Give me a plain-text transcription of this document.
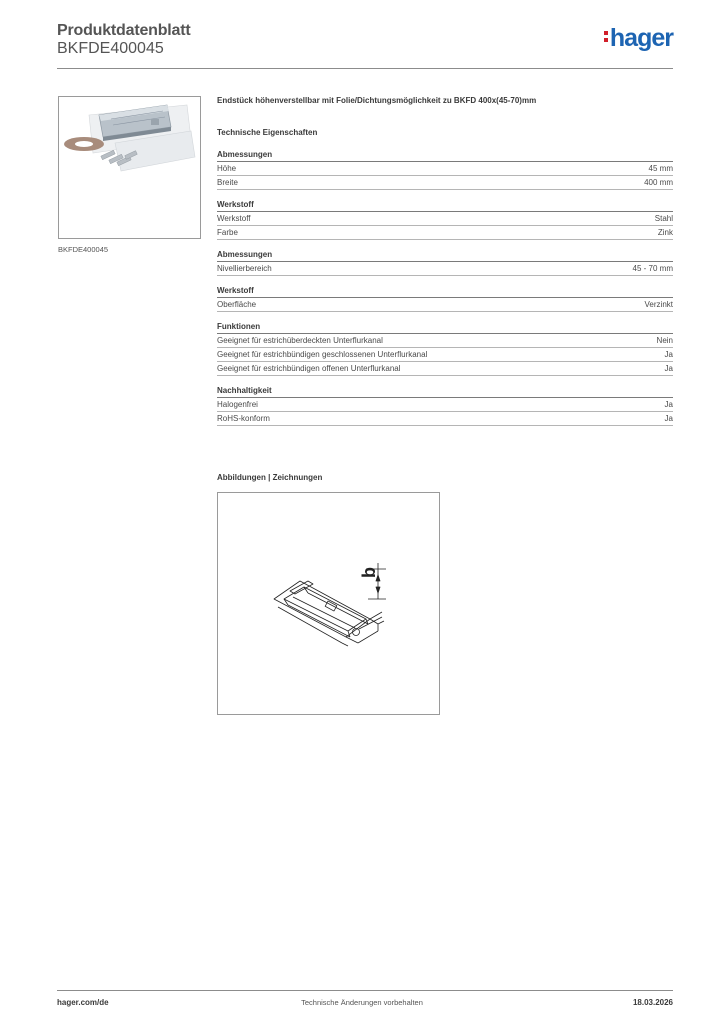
Produktdatenblatt
BKFDE400045	hager
BKFDE400045
Endstück höhenverstellbar mit Folie/Dichtungsmöglichkeit zu BKFD 400x(45-70)mm
Technische Eigenschaften
Abmessungen
Höhe	45 mm
Breite	400 mm
Werkstoff
Werkstoff	Stahl
Farbe	Zink
Abmessungen
Nivellierbereich	45 - 70 mm
Werkstoff
Oberfläche	Verzinkt
Funktionen
Geeignet für estrichüberdeckten Unterflurkanal	Nein
Geeignet für estrichbündigen geschlossenen Unterflurkanal	Ja
Geeignet für estrichbündigen offenen Unterflurkanal	Ja
Nachhaltigkeit
Halogenfrei	Ja
RoHS-konform	Ja
Abbildungen | Zeichnungen
b
hager.com/de	Technische Änderungen vorbehalten	18.03.2026
